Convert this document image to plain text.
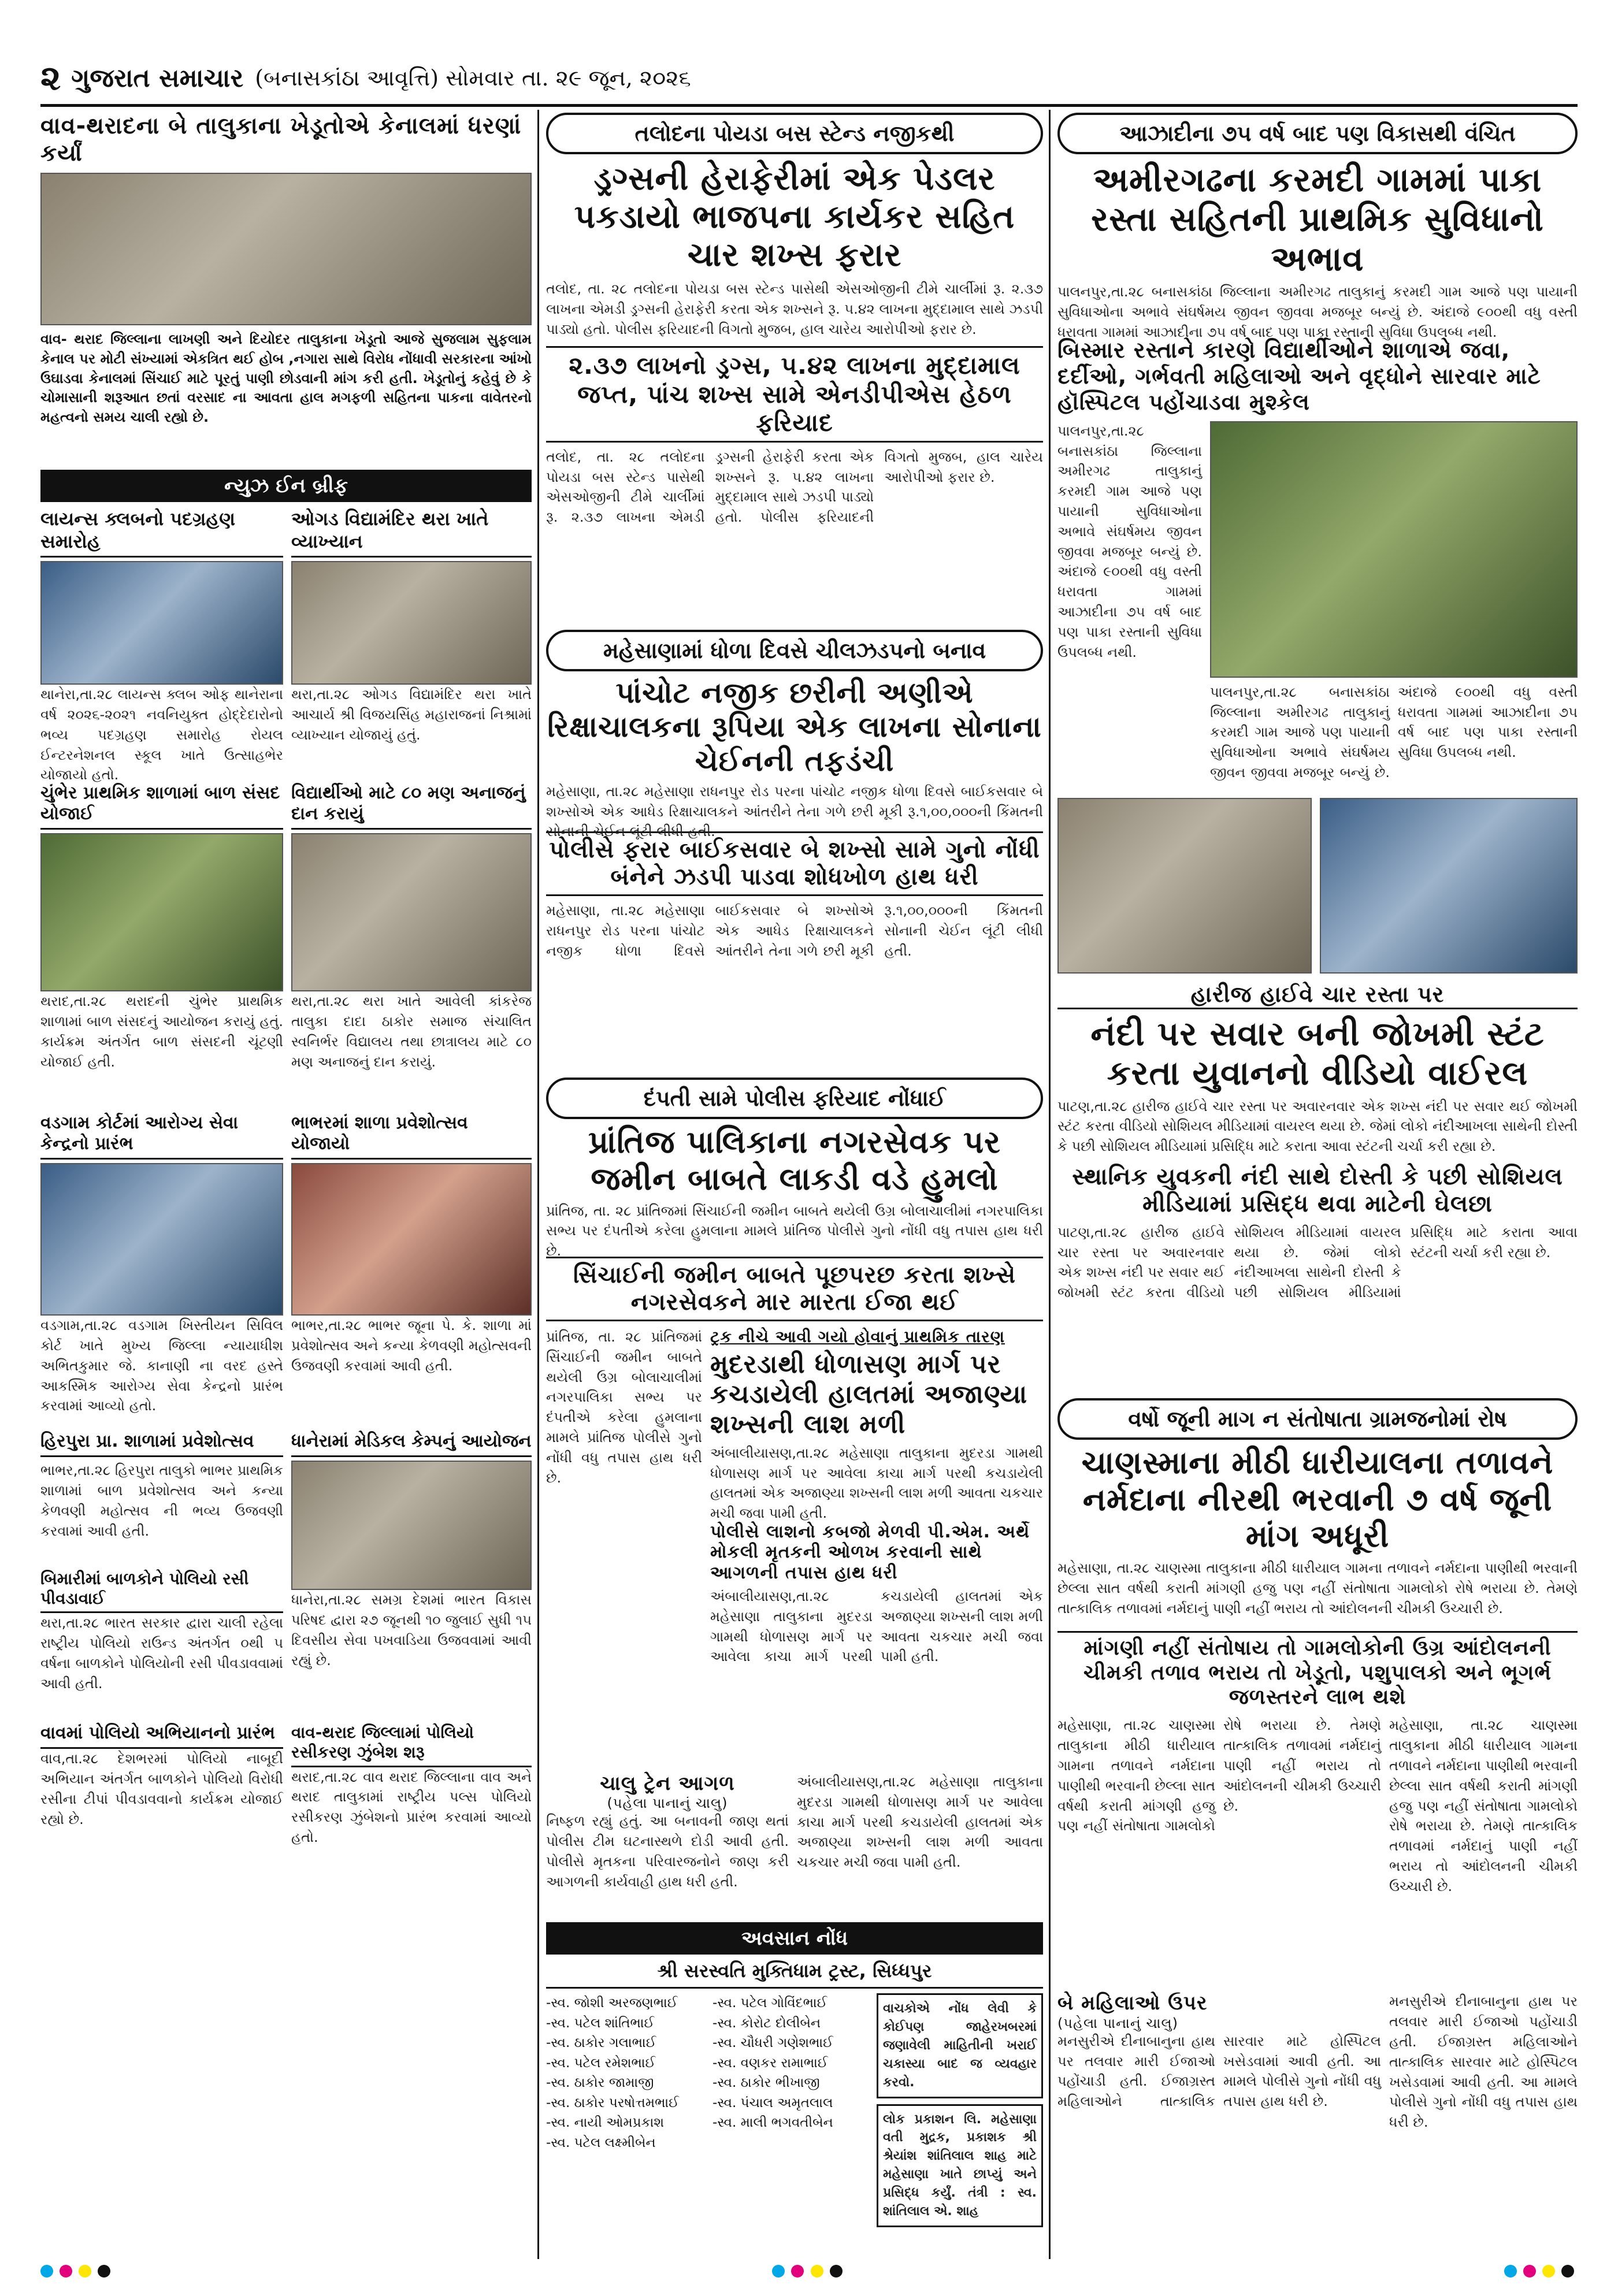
૨ ગુજરાત સમાચાર (બનાસકાંઠા આવૃત્તિ) સોમવાર તા. ૨૯ જૂન, ૨૦૨૬
વાવ-થરાદના બે તાલુકાના ખેડૂતોએ કેનાલમાં ધરણાં કર્યાં
વાવ- થરાદ જિલ્લાના લાખણી અને દિયોદર તાલુકાના ખેડૂતો આજે સુજલામ સુફલામ કેનાલ પર મોટી સંખ્યામાં એકત્રિત થઈ હોબ ,નગારા સાથે વિરોધ નોંધાવી સરકારના આંખો ઉઘાડવા કેનાલમાં સિંચાઈ માટે પૂરતું પાણી છોડવાની માંગ કરી હતી. ખેડૂતોનું કહેવું છે કે ચોમાસાની શરૂઆત છતાં વરસાદ ના આવતા હાલ મગફળી સહિતના પાકના વાવેતરનો મહત્વનો સમય ચાલી રહ્યો છે.
ન્યુઝ ઈન બ્રીફ
લાયન્સ ક્લબનો પદગ્રહણ સમારોહ
થાનેરા,તા.૨૮ લાયન્સ ક્લબ ઓફ થાનેરાના વર્ષ ૨૦૨૬-૨૦૨૧ નવનિયુક્ત હોદ્દેદારોનો ભવ્ય પદગ્રહણ સમારોહ રોયલ ઈન્ટરનેશનલ સ્કૂલ ખાતે ઉત્સાહભેર યોજાયો હતો.
ઓગડ વિદ્યામંદિર થરા ખાતે વ્યાખ્યાન
થરા,તા.૨૮ ઓગડ વિદ્યામંદિર થરા ખાતે આચાર્ય શ્રી વિજયસિંહ મહારાજનાં નિશ્રામાં વ્યાખ્યાન યોજાયું હતું.
ચુંભેર પ્રાથમિક શાળામાં બાળ સંસદ યોજાઈ
થરાદ,તા.૨૮ થરાદની ચુંભેર પ્રાથમિક શાળામાં બાળ સંસદનું આયોજન કરાયું હતું. કાર્યક્રમ અંતર્ગત બાળ સંસદની ચૂંટણી યોજાઈ હતી.
વિદ્યાર્થીઓ માટે ૮૦ મણ અનાજનું દાન કરાયું
થરા,તા.૨૮ થરા ખાતે આવેલી કાંકરેજ તાલુકા દાદા ઠાકોર સમાજ સંચાલિત સ્વનિર્ભર વિદ્યાલય તથા છાત્રાલય માટે ૮૦ મણ અનાજનું દાન કરાયું.
વડગામ કોર્ટમાં આરોગ્ય સેવા કેન્દ્રનો પ્રારંભ
વડગામ,તા.૨૮ વડગામ ખિસ્તીયન સિવિલ કોર્ટ ખાતે મુખ્ય જિલ્લા ન્યાયાધીશ અભિતકુમાર જે. કાનાણી ના વરદ હસ્તે આકસ્મિક આરોગ્ય સેવા કેન્દ્રનો પ્રારંભ કરવામાં આવ્યો હતો.
ભાભરમાં શાળા પ્રવેશોત્સવ યોજાયો
ભાભર,તા.૨૮ ભાભર જૂના પે. કે. શાળા માં પ્રવેશોત્સવ અને કન્યા કેળવણી મહોત્સવની ઉજવણી કરવામાં આવી હતી.
હિરપુરા પ્રા. શાળામાં પ્રવેશોત્સવ
ભાભર,તા.૨૮ હિરપુરા તાલુકો ભાભર પ્રાથમિક શાળામાં બાળ પ્રવેશોત્સવ અને કન્યા કેળવણી મહોત્સવ ની ભવ્ય ઉજવણી કરવામાં આવી હતી.
બિમારીમાં બાળકોને પોલિયો રસી પીવડાવાઈ
થરા,તા.૨૮ ભારત સરકાર દ્વારા ચાલી રહેલા રાષ્ટ્રીય પોલિયો રાઉન્ડ અંતર્ગત ૦થી ૫ વર્ષના બાળકોને પોલિયોની રસી પીવડાવવામાં આવી હતી.
ધાનેરામાં મેડિકલ કેમ્પનું આયોજન
ધાનેરા,તા.૨૮ સમગ્ર દેશમાં ભારત વિકાસ પરિષદ દ્વારા ૨૭ જૂનથી ૧૦ જુલાઈ સુધી ૧૫ દિવસીય સેવા પખવાડિયા ઉજવવામાં આવી રહ્યું છે.
વાવમાં પોલિયો અભિયાનનો પ્રારંભ
વાવ,તા.૨૮ દેશભરમાં પોલિયો નાબૂદી અભિયાન અંતર્ગત બાળકોને પોલિયો વિરોધી રસીના ટીપાં પીવડાવવાનો કાર્યક્રમ યોજાઈ રહ્યો છે.
વાવ-થરાદ જિલ્લામાં પોલિયો રસીકરણ ઝુંબેશ શરૂ
થરાદ,તા.૨૮ વાવ થરાદ જિલ્લાના વાવ અને થરાદ તાલુકામાં રાષ્ટ્રીય પલ્સ પોલિયો રસીકરણ ઝુંબેશનો પ્રારંભ કરવામાં આવ્યો હતો.
તલોદના પોયડા બસ સ્ટેન્ડ નજીકથી
ડ્રગ્સની હેરાફેરીમાં એક પેડલર પકડાયો ભાજપના કાર્યકર સહિત ચાર શખ્સ ફરાર
તલોદ, તા. ૨૮ તલોદના પોયડા બસ સ્ટેન્ડ પાસેથી એસઓજીની ટીમે ચાર્લીમાં રૂ. ૨.૩૭ લાખના એમડી ડ્રગ્સની હેરાફેરી કરતા એક શખ્સને રૂ. ૫.૪૨ લાખના મુદ્દામાલ સાથે ઝડપી પાડ્યો હતો. પોલીસ ફરિયાદની વિગતો મુજબ, હાલ ચારેય આરોપીઓ ફરાર છે.
૨.૩૭ લાખનો ડ્રગ્સ, ૫.૪૨ લાખના મુદ્દામાલ જપ્ત, પાંચ શખ્સ સામે એનડીપીએસ હેઠળ ફરિયાદ
તલોદ, તા. ૨૮ તલોદના પોયડા બસ સ્ટેન્ડ પાસેથી એસઓજીની ટીમે ચાર્લીમાં રૂ. ૨.૩૭ લાખના એમડી ડ્રગ્સની હેરાફેરી કરતા એક શખ્સને રૂ. ૫.૪૨ લાખના મુદ્દામાલ સાથે ઝડપી પાડ્યો હતો. પોલીસ ફરિયાદની વિગતો મુજબ, હાલ ચારેય આરોપીઓ ફરાર છે.
મહેસાણામાં ધોળા દિવસે ચીલઝડપનો બનાવ
પાંચોટ નજીક છરીની અણીએ રિક્ષાચાલકના રૂપિયા એક લાખના સોનાના ચેઈનની તફડંચી
મહેસાણા, તા.૨૮ મહેસાણા રાધનપુર રોડ પરના પાંચોટ નજીક ધોળા દિવસે બાઈકસવાર બે શખ્સોએ એક આધેડ રિક્ષાચાલકને આંતરીને તેના ગળે છરી મૂકી રૂ.૧,૦૦,૦૦૦ની કિંમતની સોનાની ચેઈન લૂંટી લીધી હતી.
પોલીસે ફરાર બાઈકસવાર બે શખ્સો સામે ગુનો નોંધી બંનેને ઝડપી પાડવા શોધખોળ હાથ ધરી
મહેસાણા, તા.૨૮ મહેસાણા રાધનપુર રોડ પરના પાંચોટ નજીક ધોળા દિવસે બાઈકસવાર બે શખ્સોએ એક આધેડ રિક્ષાચાલકને આંતરીને તેના ગળે છરી મૂકી રૂ.૧,૦૦,૦૦૦ની કિંમતની સોનાની ચેઈન લૂંટી લીધી હતી.
દંપતી સામે પોલીસ ફરિયાદ નોંધાઈ
પ્રાંતિજ પાલિકાના નગરસેવક પર જમીન બાબતે લાકડી વડે હુમલો
પ્રાંતિજ, તા. ૨૮ પ્રાંતિજમાં સિંચાઈની જમીન બાબતે થયેલી ઉગ્ર બોલાચાલીમાં નગરપાલિકા સભ્ય પર દંપતીએ કરેલા હુમલાના મામલે પ્રાંતિજ પોલીસે ગુનો નોંધી વધુ તપાસ હાથ ધરી છે.
સિંચાઈની જમીન બાબતે પૂછપરછ કરતા શખ્સે નગરસેવકને માર મારતા ઈજા થઈ
પ્રાંતિજ, તા. ૨૮ પ્રાંતિજમાં સિંચાઈની જમીન બાબતે થયેલી ઉગ્ર બોલાચાલીમાં નગરપાલિકા સભ્ય પર દંપતીએ કરેલા હુમલાના મામલે પ્રાંતિજ પોલીસે ગુનો નોંધી વધુ તપાસ હાથ ધરી છે.
ટ્રક નીચે આવી ગયો હોવાનું પ્રાથમિક તારણ
મુદરડાથી ધોળાસણ માર્ગ પર કચડાયેલી હાલતમાં અજાણ્યા શખ્સની લાશ મળી
અંબાલીયાસણ,તા.૨૮ મહેસાણા તાલુકાના મુદરડા ગામથી ધોળાસણ માર્ગ પર આવેલા કાચા માર્ગ પરથી કચડાયેલી હાલતમાં એક અજાણ્યા શખ્સની લાશ મળી આવતા ચકચાર મચી જવા પામી હતી.
પોલીસે લાશનો કબજો મેળવી પી.એમ. અર્થે મોકલી મૃતકની ઓળખ કરવાની સાથે આગળની તપાસ હાથ ધરી
અંબાલીયાસણ,તા.૨૮ મહેસાણા તાલુકાના મુદરડા ગામથી ધોળાસણ માર્ગ પર આવેલા કાચા માર્ગ પરથી કચડાયેલી હાલતમાં એક અજાણ્યા શખ્સની લાશ મળી આવતા ચકચાર મચી જવા પામી હતી.
ચાલુ ટ્રેન આગળ
(પહેલા પાનાનું ચાલુ)
નિષ્ફળ રહ્યું હતું. આ બનાવની જાણ થતાં પોલીસ ટીમ ઘટનાસ્થળે દોડી આવી હતી. પોલીસે મૃતકના પરિવારજનોને જાણ કરી આગળની કાર્યવાહી હાથ ધરી હતી.
અંબાલીયાસણ,તા.૨૮ મહેસાણા તાલુકાના મુદરડા ગામથી ધોળાસણ માર્ગ પર આવેલા કાચા માર્ગ પરથી કચડાયેલી હાલતમાં એક અજાણ્યા શખ્સની લાશ મળી આવતા ચકચાર મચી જવા પામી હતી.
અવસાન નોંધ
શ્રી સરસ્વતિ મુક્તિધામ ટ્રસ્ટ, સિધ્ધપુર
-સ્વ. જોશી અરજણભાઈ
-સ્વ. પટેલ શાંતિભાઈ
-સ્વ. ઠાકોર ગલાભાઈ
-સ્વ. પટેલ રમેશભાઈ
-સ્વ. ઠાકોર જામાજી
-સ્વ. ઠાકોર પરષોત્તમભાઈ
-સ્વ. નાયી ઓમપ્રકાશ
-સ્વ. પટેલ લક્ષ્મીબેન
-સ્વ. પટેલ ગોવિંદભાઈ
-સ્વ. કોરોટ દોલીબેન
-સ્વ. ચૌધરી ગણેશભાઈ
-સ્વ. વણકર રામાભાઈ
-સ્વ. ઠાકોર ભીખાજી
-સ્વ. પંચાલ અમૃતલાલ
-સ્વ. માલી ભગવતીબેન
વાચકોએ નોંધ લેવી કે કોઈપણ જાહેરખબરમાં જણાવેલી માહિતીની ખરાઈ ચકાસ્યા બાદ જ વ્યવહાર કરવો.
લોક પ્રકાશન લિ. મહેસાણા વતી મુદ્રક, પ્રકાશક શ્રી શ્રેયાંશ શાંતિલાલ શાહ માટે મહેસાણા ખાતે છાપ્યું અને પ્રસિદ્ધ કર્યું. તંત્રી : સ્વ. શાંતિલાલ એ. શાહ
આઝાદીના ૭૫ વર્ષ બાદ પણ વિકાસથી વંચિત
અમીરગઢના કરમદી ગામમાં પાકા રસ્તા સહિતની પ્રાથમિક સુવિધાનો અભાવ
પાલનપુર,તા.૨૮ બનાસકાંઠા જિલ્લાના અમીરગઢ તાલુકાનું કરમદી ગામ આજે પણ પાયાની સુવિધાઓના અભાવે સંઘર્ષમય જીવન જીવવા મજબૂર બન્યું છે. અંદાજે ૯૦૦થી વધુ વસ્તી ધરાવતા ગામમાં આઝાદીના ૭૫ વર્ષ બાદ પણ પાકા રસ્તાની સુવિધા ઉપલબ્ધ નથી.
બિસ્માર રસ્તાને કારણે વિદ્યાર્થીઓને શાળાએ જવા, દર્દીઓ, ગર્ભવતી મહિલાઓ અને વૃદ્ધોને સારવાર માટે હૉસ્પિટલ પહોંચાડવા મુશ્કેલ
પાલનપુર,તા.૨૮ બનાસકાંઠા જિલ્લાના અમીરગઢ તાલુકાનું કરમદી ગામ આજે પણ પાયાની સુવિધાઓના અભાવે સંઘર્ષમય જીવન જીવવા મજબૂર બન્યું છે. અંદાજે ૯૦૦થી વધુ વસ્તી ધરાવતા ગામમાં આઝાદીના ૭૫ વર્ષ બાદ પણ પાકા રસ્તાની સુવિધા ઉપલબ્ધ નથી.
પાલનપુર,તા.૨૮ બનાસકાંઠા જિલ્લાના અમીરગઢ તાલુકાનું કરમદી ગામ આજે પણ પાયાની સુવિધાઓના અભાવે સંઘર્ષમય જીવન જીવવા મજબૂર બન્યું છે. અંદાજે ૯૦૦થી વધુ વસ્તી ધરાવતા ગામમાં આઝાદીના ૭૫ વર્ષ બાદ પણ પાકા રસ્તાની સુવિધા ઉપલબ્ધ નથી.
હારીજ હાઈવે ચાર રસ્તા પર
નંદી પર સવાર બની જોખમી સ્ટંટ કરતા યુવાનનો વીડિયો વાઈરલ
પાટણ,તા.૨૮ હારીજ હાઈવે ચાર રસ્તા પર અવારનવાર એક શખ્સ નંદી પર સવાર થઈ જોખમી સ્ટંટ કરતા વીડિયો સોશિયલ મીડિયામાં વાયરલ થયા છે. જેમાં લોકો નંદીઆખલા સાથેની દોસ્તી કે પછી સોશિયલ મીડિયામાં પ્રસિદ્ધિ માટે કરાતા આવા સ્ટંટની ચર્ચા કરી રહ્યા છે.
સ્થાનિક યુવકની નંદી સાથે દોસ્તી કે પછી સોશિયલ મીડિયામાં પ્રસિદ્ધ થવા માટેની ઘેલછા
પાટણ,તા.૨૮ હારીજ હાઈવે ચાર રસ્તા પર અવારનવાર એક શખ્સ નંદી પર સવાર થઈ જોખમી સ્ટંટ કરતા વીડિયો સોશિયલ મીડિયામાં વાયરલ થયા છે. જેમાં લોકો નંદીઆખલા સાથેની દોસ્તી કે પછી સોશિયલ મીડિયામાં પ્રસિદ્ધિ માટે કરાતા આવા સ્ટંટની ચર્ચા કરી રહ્યા છે.
વર્ષો જૂની માગ ન સંતોષાતા ગ્રામજનોમાં રોષ
ચાણસ્માના મીઠી ધારીયાલના તળાવને નર્મદાના નીરથી ભરવાની ૭ વર્ષ જૂની માંગ અધૂરી
મહેસાણા, તા.૨૮ ચાણસ્મા તાલુકાના મીઠી ધારીયાલ ગામના તળાવને નર્મદાના પાણીથી ભરવાની છેલ્લા સાત વર્ષથી કરાતી માંગણી હજુ પણ નહીં સંતોષાતા ગામલોકો રોષે ભરાયા છે. તેમણે તાત્કાલિક તળાવમાં નર્મદાનું પાણી નહીં ભરાય તો આંદોલનની ચીમકી ઉચ્ચારી છે.
માંગણી નહીં સંતોષાય તો ગામલોકોની ઉગ્ર આંદોલનની ચીમકી તળાવ ભરાય તો ખેડૂતો, પશુપાલકો અને ભૂગર્ભ જળસ્તરને લાભ થશે
મહેસાણા, તા.૨૮ ચાણસ્મા તાલુકાના મીઠી ધારીયાલ ગામના તળાવને નર્મદાના પાણીથી ભરવાની છેલ્લા સાત વર્ષથી કરાતી માંગણી હજુ પણ નહીં સંતોષાતા ગામલોકો રોષે ભરાયા છે. તેમણે તાત્કાલિક તળાવમાં નર્મદાનું પાણી નહીં ભરાય તો આંદોલનની ચીમકી ઉચ્ચારી છે.
મહેસાણા, તા.૨૮ ચાણસ્મા તાલુકાના મીઠી ધારીયાલ ગામના તળાવને નર્મદાના પાણીથી ભરવાની છેલ્લા સાત વર્ષથી કરાતી માંગણી હજુ પણ નહીં સંતોષાતા ગામલોકો રોષે ભરાયા છે. તેમણે તાત્કાલિક તળાવમાં નર્મદાનું પાણી નહીં ભરાય તો આંદોલનની ચીમકી ઉચ્ચારી છે.
બે મહિલાઓ ઉપર
(પહેલા પાનાનું ચાલુ)
મનસુરીએ દીનાબાનુના હાથ પર તલવાર મારી ઈજાઓ પહોંચાડી હતી. ઈજાગ્રસ્ત મહિલાઓને તાત્કાલિક સારવાર માટે હોસ્પિટલ ખસેડવામાં આવી હતી. આ મામલે પોલીસે ગુનો નોંધી વધુ તપાસ હાથ ધરી છે.
મનસુરીએ દીનાબાનુના હાથ પર તલવાર મારી ઈજાઓ પહોંચાડી હતી. ઈજાગ્રસ્ત મહિલાઓને તાત્કાલિક સારવાર માટે હોસ્પિટલ ખસેડવામાં આવી હતી. આ મામલે પોલીસે ગુનો નોંધી વધુ તપાસ હાથ ધરી છે.
